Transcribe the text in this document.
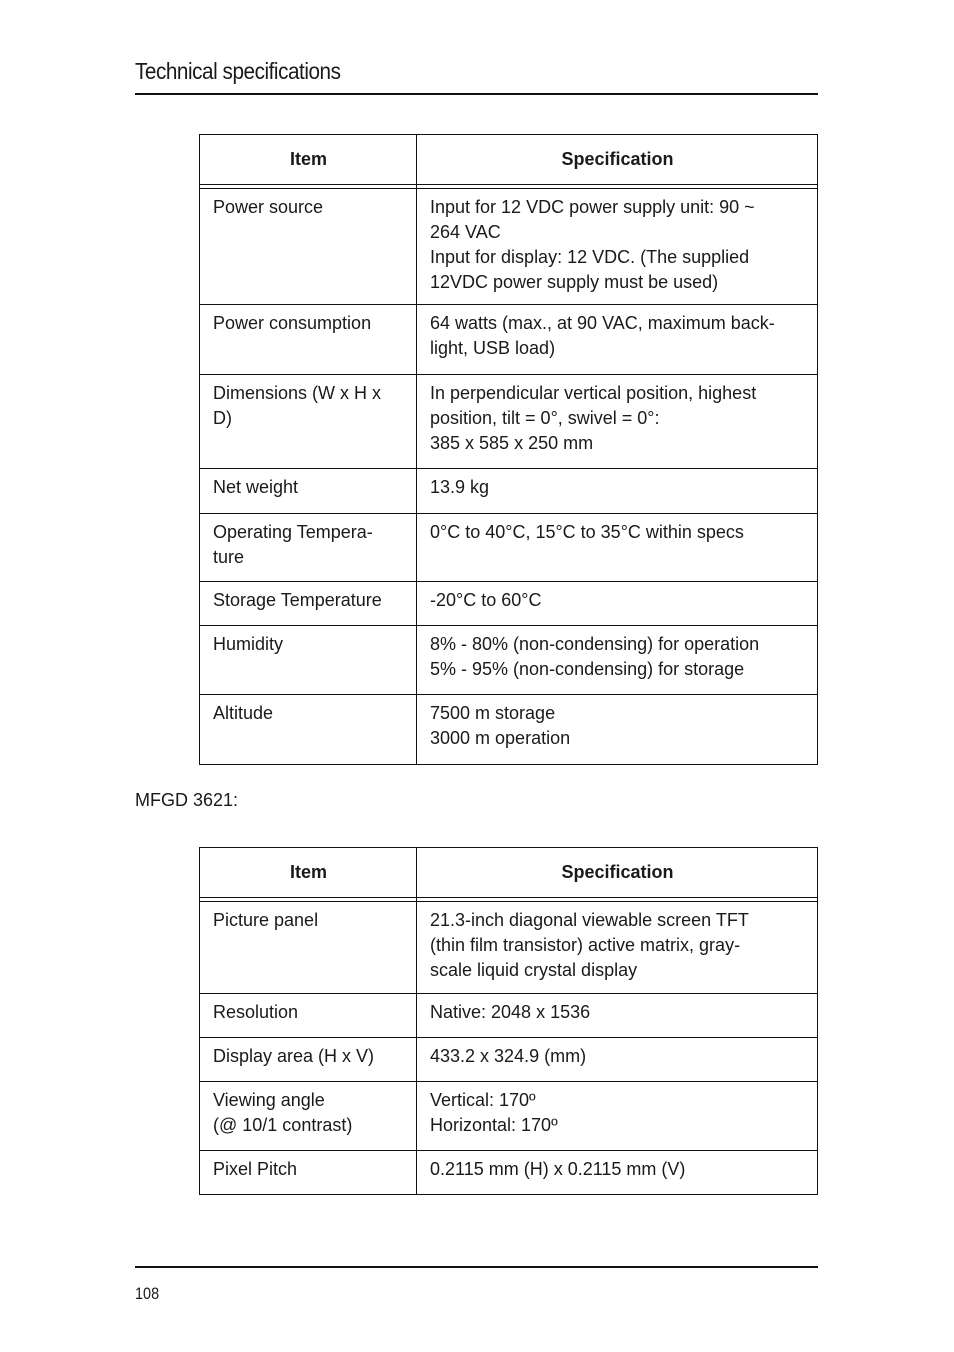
Technical specifications
Item	Specification

Power source	Input for 12 VDC power supply unit: 90 ~
264 VAC
Input for display: 12 VDC. (The supplied
12VDC power supply must be used)

Power consumption	64 watts (max., at 90 VAC, maximum back-
light, USB load)

Dimensions (W x H x
D)	In perpendicular vertical position, highest
position, tilt = 0°, swivel = 0°:
385 x 585 x 250 mm

Net weight	13.9 kg

Operating Tempera-
ture	0°C to 40°C, 15°C to 35°C within specs

Storage Temperature	-20°C to 60°C

Humidity	8% - 80% (non-condensing) for operation
5% - 95% (non-condensing) for storage

Altitude	7500 m storage
3000 m operation
MFGD 3621:
Item	Specification

Picture panel	21.3-inch diagonal viewable screen TFT
(thin film transistor) active matrix, gray-
scale liquid crystal display

Resolution	Native: 2048 x 1536

Display area (H x V)	433.2 x 324.9 (mm)

Viewing angle
(@ 10/1 contrast)	Vertical: 170º
Horizontal: 170º

Pixel Pitch	0.2115 mm (H) x 0.2115 mm (V)
108
